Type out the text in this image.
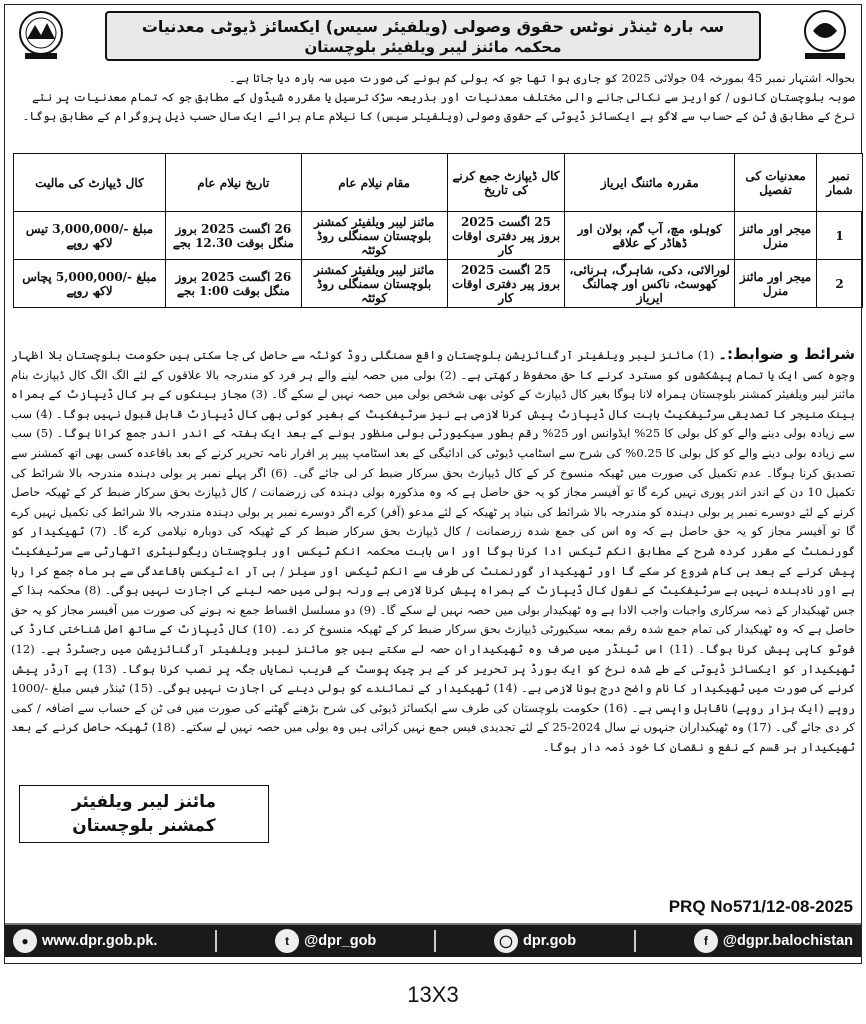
سہ بارہ ٹینڈر نوٹس حقوق وصولی (ویلفیئر سیس) ایکسائز ڈیوٹی معدنیات
محکمہ مائنز لیبر ویلفیئر بلوچستان

بحوالہ اشتہار نمبر 45 بمورخہ 04 جولائی 2025 کو جاری ہوا تھا جو کہ بولی کم ہونے کی صورت میں سہ بارہ دیا جاتا ہے۔

صوبہ بلوچستان کانوں / کواریز سے نکالی جانے والی مختلف معدنیات اور بذریعہ سڑک ترسیل یا مقررہ شیڈول کے مطابق جو کہ تمام معدنیات پر نئے نرخ کے مطابق فی ٹن کے حساب سے لاگو ہے ایکسائز ڈیوٹی کے حقوق وصولی (ویلفیئر سیس) کا نیلام عام برائے ایک سال حسب ذیل پروگرام کے مطابق ہوگا۔

نمبر شمار	معدنیات کی تفصیل	مقررہ مائننگ ایریاز	کال ڈیپازٹ جمع کرنے کی تاریخ	مقام نیلام عام	تاریخ نیلام عام	کال ڈیپازٹ کی مالیت
1	میجر اور مائنز منرل	کوہلو، مچ، آب گم، بولان اور ڈھاڈر کے علاقے	25 اگست 2025 بروز پیر دفتری اوقات کار	مائنز لیبر ویلفیئر کمشنر بلوچستان سمنگلی روڈ کوئٹہ	26 اگست 2025 بروز منگل بوقت 12.30 بجے	مبلغ -/3,000,000 تیس لاکھ روپے
2	میجر اور مائنز منرل	لورالائی، دکی، شاہرگ، ہرنائی، کھوسٹ، ناکس اور چمالنگ ایریاز	25 اگست 2025 بروز پیر دفتری اوقات کار	مائنز لیبر ویلفیئر کمشنر بلوچستان سمنگلی روڈ کوئٹہ	26 اگست 2025 بروز منگل بوقت 1:00 بجے	مبلغ -/5,000,000 پچاس لاکھ روپے
شرائط و ضوابط:۔ (1) مائنز لیبر ویلفیئر آرگنائزیشن بلوچستان واقع سمنگلی روڈ کوئٹہ سے حاصل کی جا سکتی ہیں حکومت بلوچستان بلا اظہار وجوہ کسی ایک یا تمام پیشکشوں کو مسترد کرنے کا حق محفوظ رکھتی ہے۔ (2) بولی میں حصہ لینے والے ہر فرد کو مندرجہ بالا علاقوں کے لئے الگ الگ کال ڈیپازٹ بنام مائنز لیبر ویلفیئر کمشنر بلوچستان ہمراہ لانا ہوگا بغیر کال ڈیپازٹ کے کوئی بھی شخص بولی میں حصہ نہیں لے سکے گا۔ (3) مجاز بینکوں کے ہر کال ڈیپازٹ کے ہمراہ بینک منیجر کا تصدیقی سرٹیفکیٹ بابت کال ڈیپازٹ پیش کرنا لازمی ہے نیز سرٹیفکیٹ کے بغیر کوئی بھی کال ڈیپازٹ قابل قبول نہیں ہوگا۔ (4) سب سے زیادہ بولی دینے والے کو کل بولی کا 25% ایڈوانس اور 25% رقم بطور سیکیورٹی بولی منظور ہونے کے بعد ایک ہفتہ کے اندر اندر جمع کرانا ہوگا۔ (5) سب سے زیادہ بولی دینے والے کو کل بولی کا 0.25% کی شرح سے اسٹامپ ڈیوٹی کی ادائیگی کے بعد اسٹامپ پیپر پر اقرار نامہ تحریر کرنے کے بعد باقاعدہ کسی بھی اتھ کمشنر سے تصدیق کرنا ہوگا۔ عدم تکمیل کی صورت میں ٹھیکہ منسوخ کر کے کال ڈیپازٹ بحق سرکار ضبط کر لی جائے گی۔ (6) اگر پہلے نمبر پر بولی دہندہ مندرجہ بالا شرائط کی تکمیل 10 دن کے اندر اندر پوری نہیں کرے گا تو آفیسر مجاز کو یہ حق حاصل ہے کہ وہ مذکورہ بولی دہندہ کی زرضمانت / کال ڈیپازٹ بحق سرکار ضبط کر کے ٹھیکہ حاصل کرنے کے لئے دوسرے نمبر پر بولی دہندہ کو مندرجہ بالا شرائط کی بنیاد پر ٹھیکہ کے لئے مدعو (آفر) کرے اگر دوسرے نمبر پر بولی دہندہ مندرجہ بالا شرائط کی تکمیل نہیں کرے گا تو آفیسر مجاز کو یہ حق حاصل ہے کہ وہ اس کی جمع شدہ زرضمانت / کال ڈیپازٹ بحق سرکار ضبط کر کے ٹھیکہ کی دوبارہ نیلامی کرے گا۔ (7) ٹھیکیدار کو گورنمنٹ کے مقرر کردہ شرح کے مطابق انکم ٹیکس ادا کرنا ہوگا اور اس بابت محکمہ انکم ٹیکس اور بلوچستان ریگولیٹری اتھارٹی سے سرٹیفکیٹ پیش کرنے کے بعد ہی کام شروع کر سکے گا اور ٹھیکیدار گورنمنٹ کی طرف سے انکم ٹیکس اور سیلز / بی آر اے ٹیکس باقاعدگی سے ہر ماہ جمع کرا رہا ہے اور نادہندہ نہیں ہے سرٹیفکیٹ کے نقول کال ڈیپازٹ کے ہمراہ پیش کرنا لازمی ہے ورنہ بولی میں حصہ لینے کی اجازت نہیں ہوگی۔ (8) محکمہ ہذا کے جس ٹھیکیدار کے ذمہ سرکاری واجبات واجب الادا ہے وہ ٹھیکیدار بولی میں حصہ نہیں لے سکے گا۔ (9) دو مسلسل اقساط جمع نہ ہونے کی صورت میں آفیسر مجاز کو یہ حق حاصل ہے کہ وہ ٹھیکیدار کی تمام جمع شدہ رقم بمعہ سیکیورٹی ڈیپازٹ بحق سرکار ضبط کر کے ٹھیکہ منسوخ کر دے۔ (10) کال ڈیپازٹ کے ساتھ اصل شناختی کارڈ کی فوٹو کاپی پیش کرنا ہوگا۔ (11) اس ٹینڈر میں صرف وہ ٹھیکیداران حصہ لے سکتے ہیں جو مائنز لیبر ویلفیئر آرگنائزیشن میں رجسٹرڈ ہے۔ (12) ٹھیکیدار کو ایکسائز ڈیوٹی کے طے شدہ نرخ کو ایک بورڈ پر تحریر کر کے ہر چیک پوسٹ کے قریب نمایاں جگہ پر نصب کرنا ہوگا۔ (13) پے آرڈر پیش کرنے کی صورت میں ٹھیکیدار کا نام واضح درج ہونا لازمی ہے۔ (14) ٹھیکیدار کے نمائندے کو بولی دینے کی اجازت نہیں ہوگی۔ (15) ٹینڈر فیس مبلغ -/1000 روپے (ایک ہزار روپے) ناقابل واپسی ہے۔ (16) حکومت بلوچستان کی طرف سے ایکسائز ڈیوٹی کی شرح بڑھنے گھٹنے کی صورت میں فی ٹن کے حساب سے اضافہ / کمی کر دی جائے گی۔ (17) وہ ٹھیکیداران جنہوں نے سال 2024-25 کے لئے تجدیدی فیس جمع نہیں کرائی ہیں وہ بولی میں حصہ نہیں لے سکتے۔ (18) ٹھیکہ حاصل کرنے کے بعد ٹھیکیدار ہر قسم کے نفع و نقصان کا خود ذمہ دار ہوگا۔
مائنز لیبر ویلفیئر
کمشنر بلوچستان
PRQ No571/12-08-2025
● www.dpr.gob.pk.	t	@dpr_gob	◯ dpr.gob	f	@dgpr.balochistan
13X3
